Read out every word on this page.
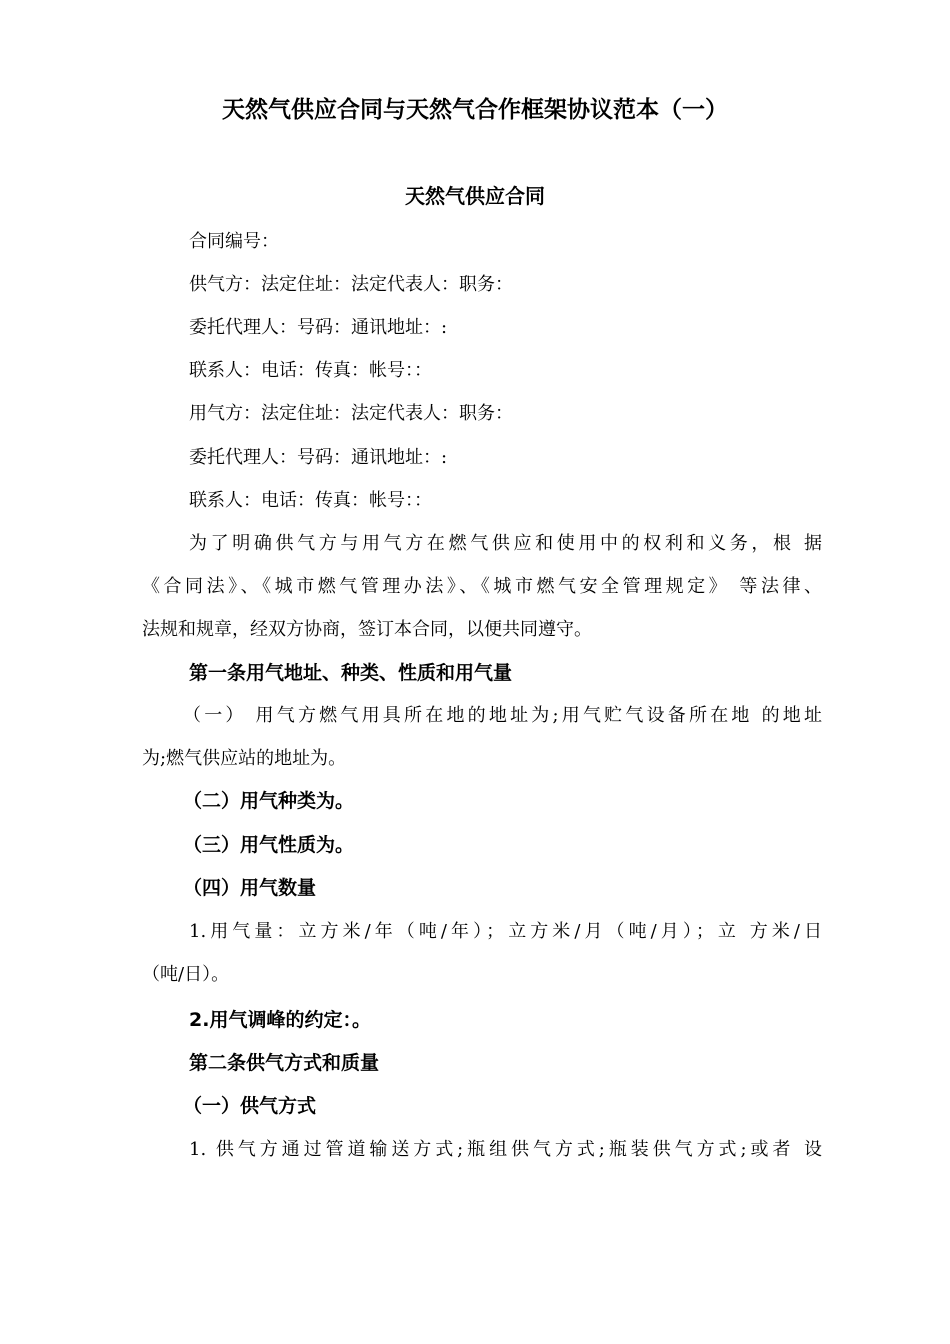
天然气供应合同与天然气合作框架协议范本（一）
天然气供应合同
合同编号：
供气方：法定住址：法定代表人：职务：
委托代理人：号码：通讯地址：:
联系人：电话：传真：帐号：：
用气方：法定住址：法定代表人：职务：
委托代理人：号码：通讯地址：:
联系人：电话：传真：帐号：：
为了明确供气方与用气方在燃气供应和使用中的权利和义务，根 据
《合同法》、《城市燃气管理办法》、《城市燃气安全管理规定》 等法律、
法规和规章，经双方协商，签订本合同，以便共同遵守。
第一条用气地址、种类、性质和用气量
（一） 用气方燃气用具所在地的地址为;用气贮气设备所在地 的地址
为;燃气供应站的地址为。
（二）用气种类为。
（三）用气性质为。
（四）用气数量
1.用气量：立方米/年（吨/年）；立方米/月（吨/月）；立 方米/日
（吨/日）。
2.用气调峰的约定：。
第二条供气方式和质量
（一）供气方式
1. 供气方通过管道输送方式;瓶组供气方式;瓶装供气方式;或者 设
